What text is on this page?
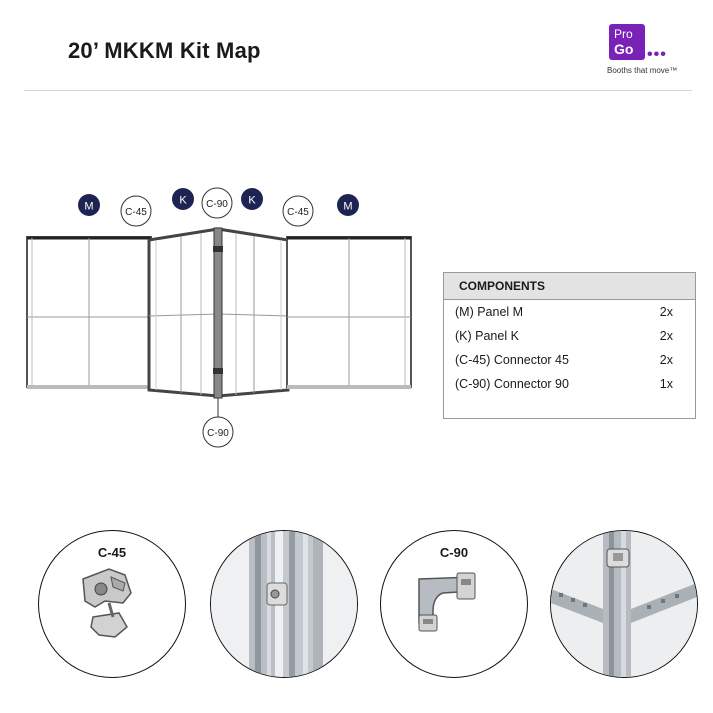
20’ MKKM Kit Map
Pro
Go •••
Booths that move™
M	C-45
K C-90 K
C-45	M
C-90
COMPONENTS
(M) Panel M	2x
(K) Panel K	2x
(C-45) Connector 45	2x
(C-90) Connector 90	1x
C-45	C-90
